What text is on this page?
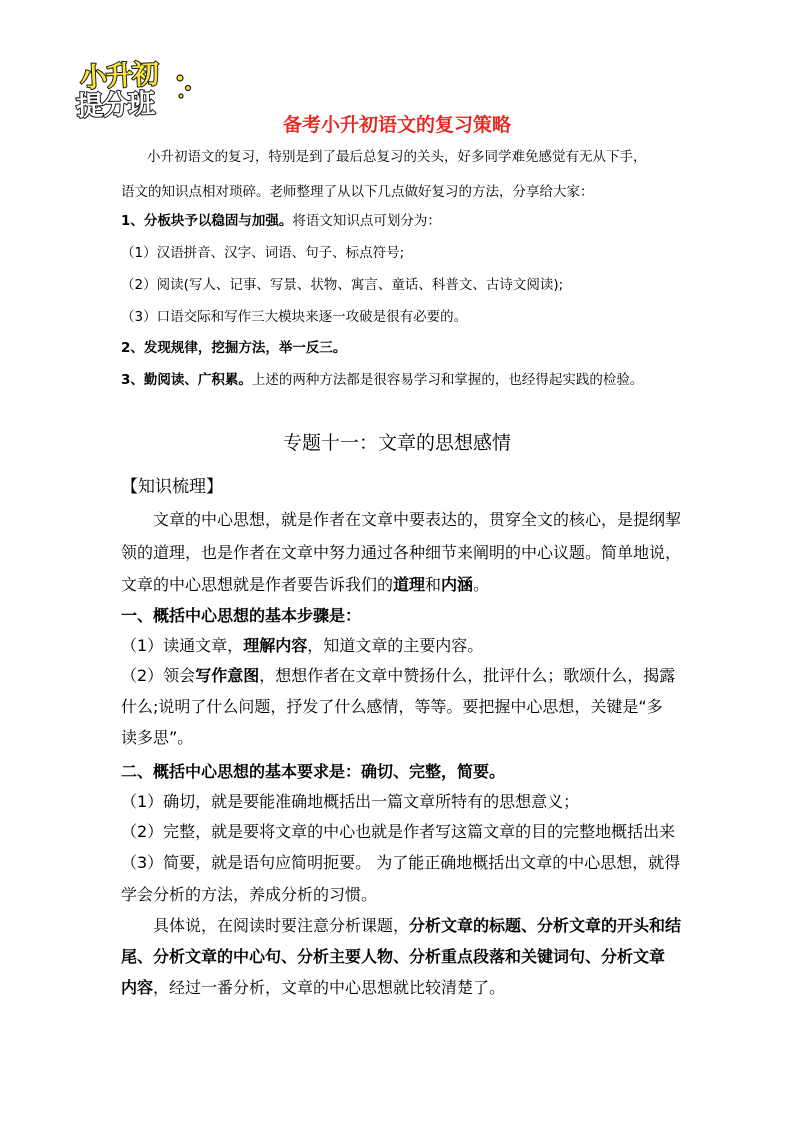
小升初
提分班
备考小升初语文的复习策略
小升初语文的复习，特别是到了最后总复习的关头，好多同学难免感觉有无从下手，
语文的知识点相对琐碎。老师整理了从以下几点做好复习的方法，分享给大家：
1、分板块予以稳固与加强。将语文知识点可划分为：
（1）汉语拼音、汉字、词语、句子、标点符号;
（2）阅读(写人、记事、写景、状物、寓言、童话、科普文、古诗文阅读);
（3）口语交际和写作三大模块来逐一攻破是很有必要的。
2、发现规律，挖掘方法，举一反三。
3、勤阅读、广积累。上述的两种方法都是很容易学习和掌握的，也经得起实践的检验。
专题十一：文章的思想感情
【知识梳理】
文章的中心思想，就是作者在文章中要表达的，贯穿全文的核心，是提纲挈
领的道理，也是作者在文章中努力通过各种细节来阐明的中心议题。简单地说，
文章的中心思想就是作者要告诉我们的道理和内涵。
一、概括中心思想的基本步骤是：
（1）读通文章，理解内容，知道文章的主要内容。
（2）领会写作意图，想想作者在文章中赞扬什么，批评什么；歌颂什么，揭露
什么;说明了什么问题，抒发了什么感情，等等。要把握中心思想，关键是“多
读多思”。
二、概括中心思想的基本要求是：确切、完整，简要。
（1）确切，就是要能准确地概括出一篇文章所特有的思想意义；
（2）完整，就是要将文章的中心也就是作者写这篇文章的目的完整地概括出来
（3）简要，就是语句应简明扼要。 为了能正确地概括出文章的中心思想，就得
学会分析的方法，养成分析的习惯。
具体说，在阅读时要注意分析课题，分析文章的标题、分析文章的开头和结
尾、分析文章的中心句、分析主要人物、分析重点段落和关键词句、分析文章
内容，经过一番分析，文章的中心思想就比较清楚了。
